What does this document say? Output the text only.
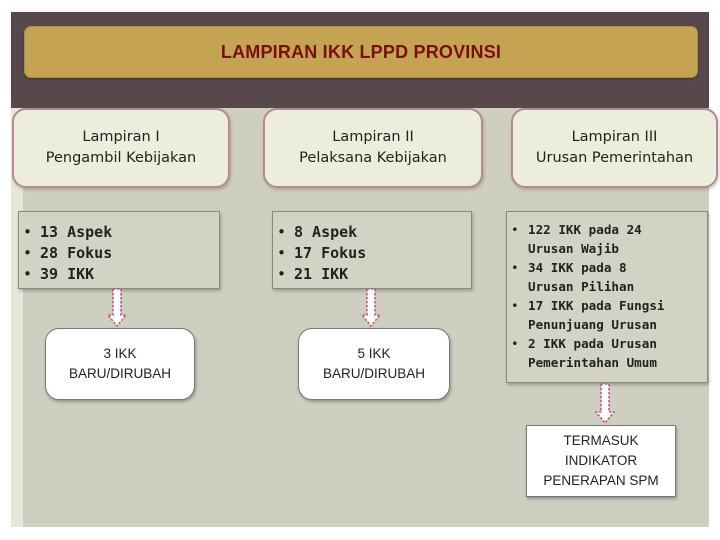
LAMPIRAN IKK LPPD PROVINSI
Lampiran I
Pengambil Kebijakan
• 13 Aspek
• 28 Fokus
• 39 IKK
3 IKK
BARU/DIRUBAH
Lampiran II
Pelaksana Kebijakan
• 8 Aspek
• 17 Fokus
• 21 IKK
5 IKK
BARU/DIRUBAH
Lampiran III
Urusan Pemerintahan
• 122 IKK pada 24
Urusan Wajib
• 34 IKK pada 8
Urusan Pilihan
• 17 IKK pada Fungsi
Penunjuang Urusan
• 2 IKK pada Urusan
Pemerintahan Umum
TERMASUK
INDIKATOR
PENERAPAN SPM
